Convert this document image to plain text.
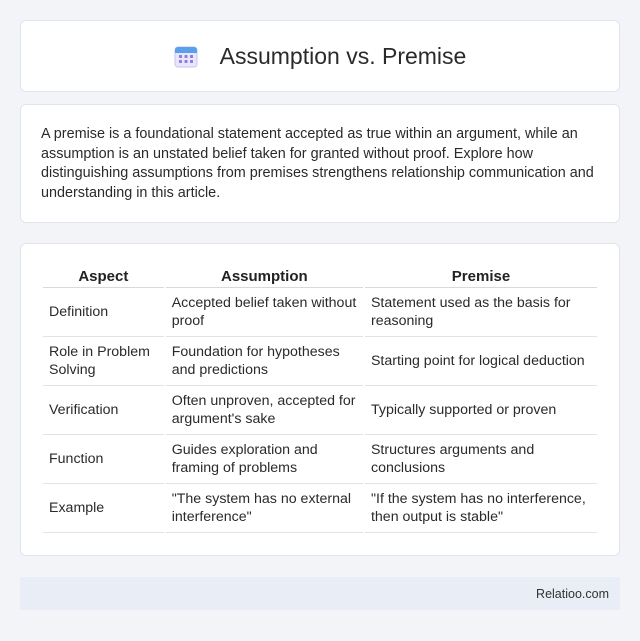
Assumption vs. Premise

A premise is a foundational statement accepted as true within an argument, while an assumption is an unstated belief taken for granted without proof. Explore how distinguishing assumptions from premises strengthens relationship communication and understanding in this article.

Aspect	Assumption	Premise
Definition	Accepted belief taken without proof	Statement used as the basis for reasoning
Role in Problem Solving	Foundation for hypotheses and predictions	Starting point for logical deduction
Verification	Often unproven, accepted for argument's sake	Typically supported or proven
Function	Guides exploration and framing of problems	Structures arguments and conclusions
Example	"The system has no external interference"	"If the system has no interference, then output is stable"
Relatioo.com
